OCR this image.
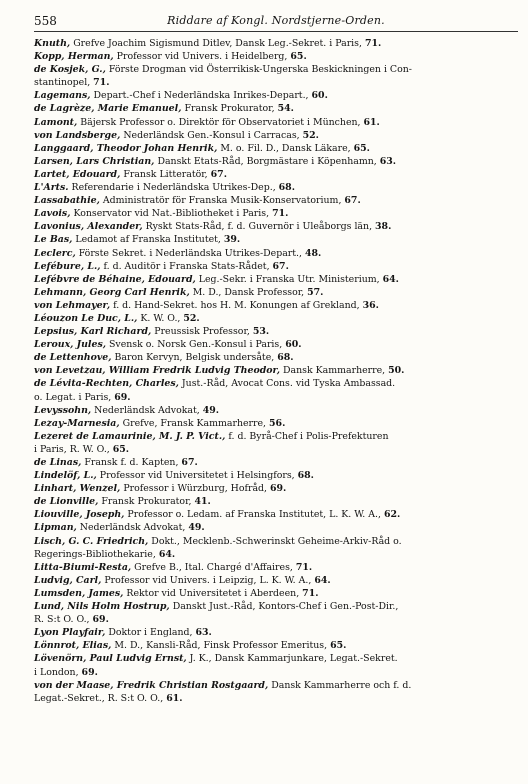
558	Riddare af Kongl. Nordstjerne-Orden.
Knuth, Grefve Joachim Sigismund Ditlev, Dansk Leg.-Sekret. i Paris, 71.
Kopp, Herman, Professor vid Univers. i Heidelberg, 65.
de Kosjek, G., Förste Drogman vid Österrikisk-Ungerska Beskickningen i Con-
stantinopel, 71.
Lagemans, Depart.-Chef i Nederländska Inrikes-Depart., 60.
de Lagrèze, Marie Emanuel, Fransk Prokurator, 54.
Lamont, Bäjersk Professor o. Direktör för Observatoriet i München, 61.
von Landsberge, Nederländsk Gen.-Konsul i Carracas, 52.
Langgaard, Theodor Johan Henrik, M. o. Fil. D., Dansk Läkare, 65.
Larsen, Lars Christian, Danskt Etats-Råd, Borgmästare i Köpenhamn, 63.
Lartet, Edouard, Fransk Litteratör, 67.
L'Arts. Referendarie i Nederländska Utrikes-Dep., 68.
Lassabathie, Administratör för Franska Musik-Konservatorium, 67.
Lavois, Konservator vid Nat.-Bibliotheket i Paris, 71.
Lavonius, Alexander, Ryskt Stats-Råd, f. d. Guvernör i Uleåborgs län, 38.
Le Bas, Ledamot af Franska Institutet, 39.
Leclerc, Förste Sekret. i Nederländska Utrikes-Depart., 48.
Lefébure, L., f. d. Auditör i Franska Stats-Rådet, 67.
Lefébvre de Béhaine, Edouard, Leg.-Sekr. i Franska Utr. Ministerium, 64.
Lehmann, Georg Carl Henrik, M. D., Dansk Professor, 57.
von Lehmayer, f. d. Hand-Sekret. hos H. M. Konungen af Grekland, 36.
Léouzon Le Duc, L., K. W. O., 52.
Lepsius, Karl Richard, Preussisk Professor, 53.
Leroux, Jules, Svensk o. Norsk Gen.-Konsul i Paris, 60.
de Lettenhove, Baron Kervyn, Belgisk undersåte, 68.
von Levetzau, William Fredrik Ludvig Theodor, Dansk Kammarherre, 50.
de Lévita-Rechten, Charles, Just.-Råd, Avocat Cons. vid Tyska Ambassad.
o. Legat. i Paris, 69.
Levyssohn, Nederländsk Advokat, 49.
Lezay-Marnesia, Grefve, Fransk Kammarherre, 56.
Lezeret de Lamaurinie, M. J. P. Vict., f. d. Byrå-Chef i Polis-Prefekturen
i Paris, R. W. O., 65.
de Linas, Fransk f. d. Kapten, 67.
Lindelöf, L., Professor vid Universitetet i Helsingfors, 68.
Linhart, Wenzel, Professor i Würzburg, Hofråd, 69.
de Lionville, Fransk Prokurator, 41.
Liouville, Joseph, Professor o. Ledam. af Franska Institutet, L. K. W. A., 62.
Lipman, Nederländsk Advokat, 49.
Lisch, G. C. Friedrich, Dokt., Mecklenb.-Schwerinskt Geheime-Arkiv-Råd o.
Regerings-Bibliothekarie, 64.
Litta-Biumi-Resta, Grefve B., Ital. Chargé d'Affaires, 71.
Ludvig, Carl, Professor vid Univers. i Leipzig, L. K. W. A., 64.
Lumsden, James, Rektor vid Universitetet i Aberdeen, 71.
Lund, Nils Holm Hostrup, Danskt Just.-Råd, Kontors-Chef i Gen.-Post-Dir.,
R. S:t O. O., 69.
Lyon Playfair, Doktor i England, 63.
Lönnrot, Elias, M. D., Kansli-Råd, Finsk Professor Emeritus, 65.
Lövenörn, Paul Ludvig Ernst, J. K., Dansk Kammarjunkare, Legat.-Sekret.
i London, 69.
von der Maase, Fredrik Christian Rostgaard, Dansk Kammarherre och f. d.
Legat.-Sekret., R. S:t O. O., 61.
